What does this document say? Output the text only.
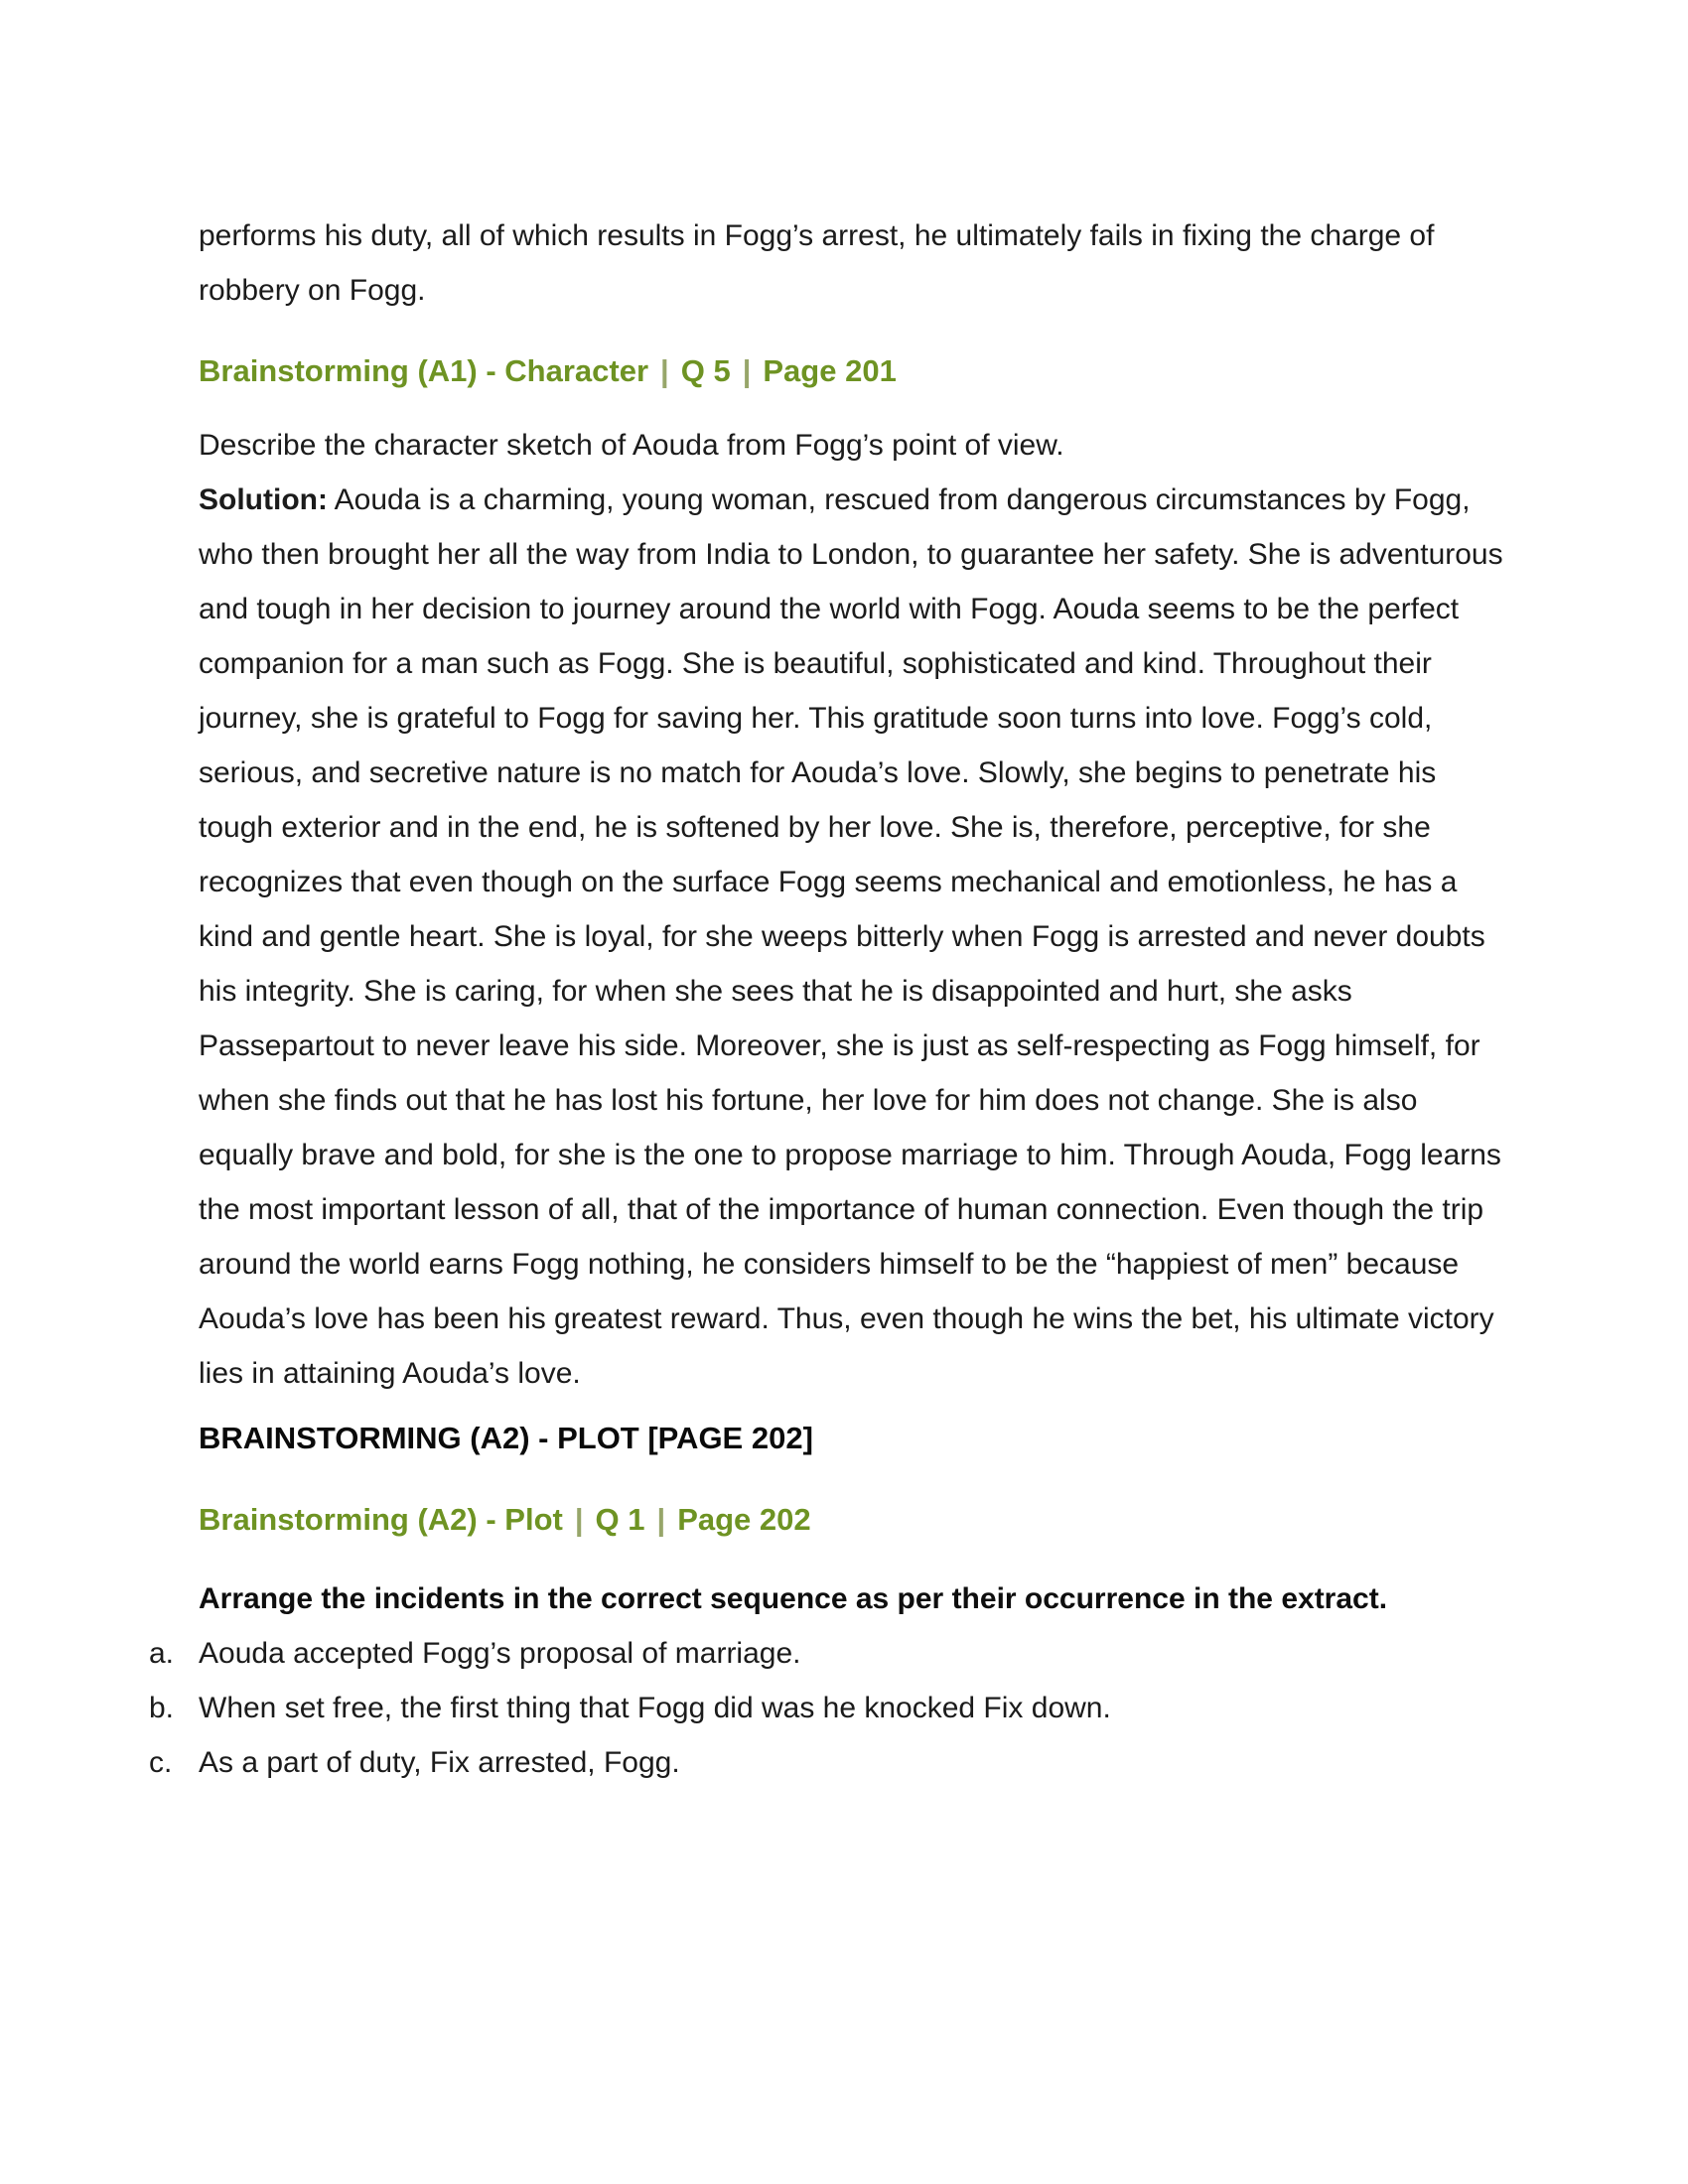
performs his duty, all of which results in Fogg’s arrest, he ultimately fails in fixing the charge of robbery on Fogg.

Brainstorming (A1) - Character | Q 5 | Page 201

Describe the character sketch of Aouda from Fogg’s point of view.

Solution: Aouda is a charming, young woman, rescued from dangerous circumstances by Fogg, who then brought her all the way from India to London, to guarantee her safety. She is adventurous and tough in her decision to journey around the world with Fogg. Aouda seems to be the perfect companion for a man such as Fogg. She is beautiful, sophisticated and kind. Throughout their journey, she is grateful to Fogg for saving her. This gratitude soon turns into love. Fogg’s cold, serious, and secretive nature is no match for Aouda’s love. Slowly, she begins to penetrate his tough exterior and in the end, he is softened by her love. She is, therefore, perceptive, for she recognizes that even though on the surface Fogg seems mechanical and emotionless, he has a kind and gentle heart. She is loyal, for she weeps bitterly when Fogg is arrested and never doubts his integrity. She is caring, for when she sees that he is disappointed and hurt, she asks Passepartout to never leave his side. Moreover, she is just as self-respecting as Fogg himself, for when she finds out that he has lost his fortune, her love for him does not change. She is also equally brave and bold, for she is the one to propose marriage to him. Through Aouda, Fogg learns the most important lesson of all, that of the importance of human connection. Even though the trip around the world earns Fogg nothing, he considers himself to be the “happiest of men” because Aouda’s love has been his greatest reward. Thus, even though he wins the bet, his ultimate victory lies in attaining Aouda’s love.

BRAINSTORMING (A2) - PLOT [PAGE 202]
Brainstorming (A2) - Plot | Q 1 | Page 202

Arrange the incidents in the correct sequence as per their occurrence in the extract.

a. Aouda accepted Fogg’s proposal of marriage.
b. When set free, the first thing that Fogg did was he knocked Fix down.
c. As a part of duty, Fix arrested, Fogg.
